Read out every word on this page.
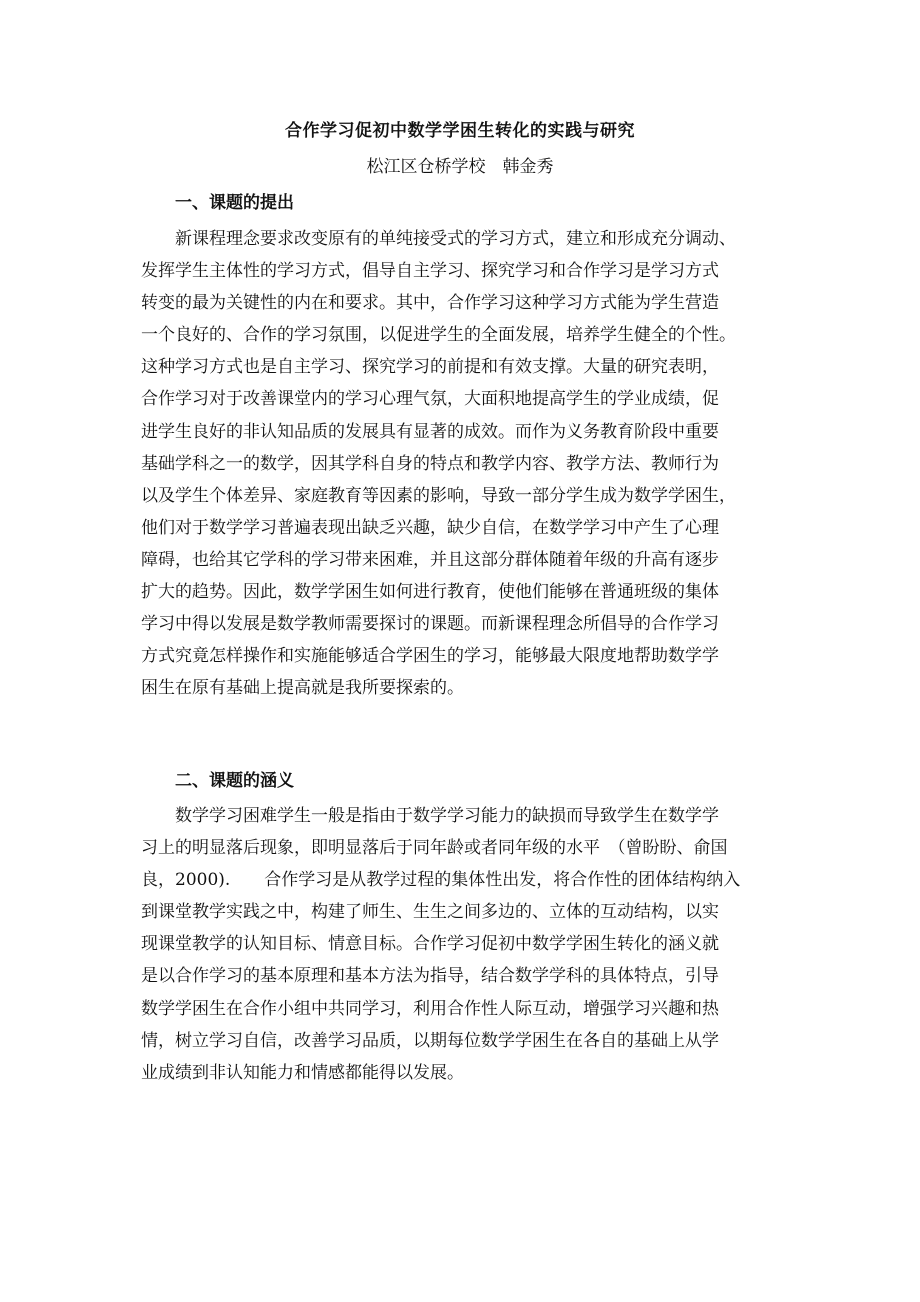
合作学习促初中数学学困生转化的实践与研究
松江区仓桥学校　韩金秀
一、课题的提出
　　新课程理念要求改变原有的单纯接受式的学习方式，建立和形成充分调动、
发挥学生主体性的学习方式，倡导自主学习、探究学习和合作学习是学习方式
转变的最为关键性的内在和要求。其中，合作学习这种学习方式能为学生营造
一个良好的、合作的学习氛围，以促进学生的全面发展，培养学生健全的个性。
这种学习方式也是自主学习、探究学习的前提和有效支撑。大量的研究表明，
合作学习对于改善课堂内的学习心理气氛，大面积地提高学生的学业成绩，促
进学生良好的非认知品质的发展具有显著的成效。而作为义务教育阶段中重要
基础学科之一的数学，因其学科自身的特点和教学内容、教学方法、教师行为
以及学生个体差异、家庭教育等因素的影响，导致一部分学生成为数学学困生，
他们对于数学学习普遍表现出缺乏兴趣，缺少自信，在数学学习中产生了心理
障碍，也给其它学科的学习带来困难，并且这部分群体随着年级的升高有逐步
扩大的趋势。因此，数学学困生如何进行教育，使他们能够在普通班级的集体
学习中得以发展是数学教师需要探讨的课题。而新课程理念所倡导的合作学习
方式究竟怎样操作和实施能够适合学困生的学习，能够最大限度地帮助数学学
困生在原有基础上提高就是我所要探索的。
二、课题的涵义
　　数学学习困难学生一般是指由于数学学习能力的缺损而导致学生在数学学
习上的明显落后现象，即明显落后于同年龄或者同年级的水平　（曾盼盼、俞国
良，2000).　　合作学习是从教学过程的集体性出发，将合作性的团体结构纳入
到课堂教学实践之中，构建了师生、生生之间多边的、立体的互动结构，以实
现课堂教学的认知目标、情意目标。合作学习促初中数学学困生转化的涵义就
是以合作学习的基本原理和基本方法为指导，结合数学学科的具体特点，引导
数学学困生在合作小组中共同学习，利用合作性人际互动，增强学习兴趣和热
情，树立学习自信，改善学习品质，以期每位数学学困生在各自的基础上从学
业成绩到非认知能力和情感都能得以发展。
